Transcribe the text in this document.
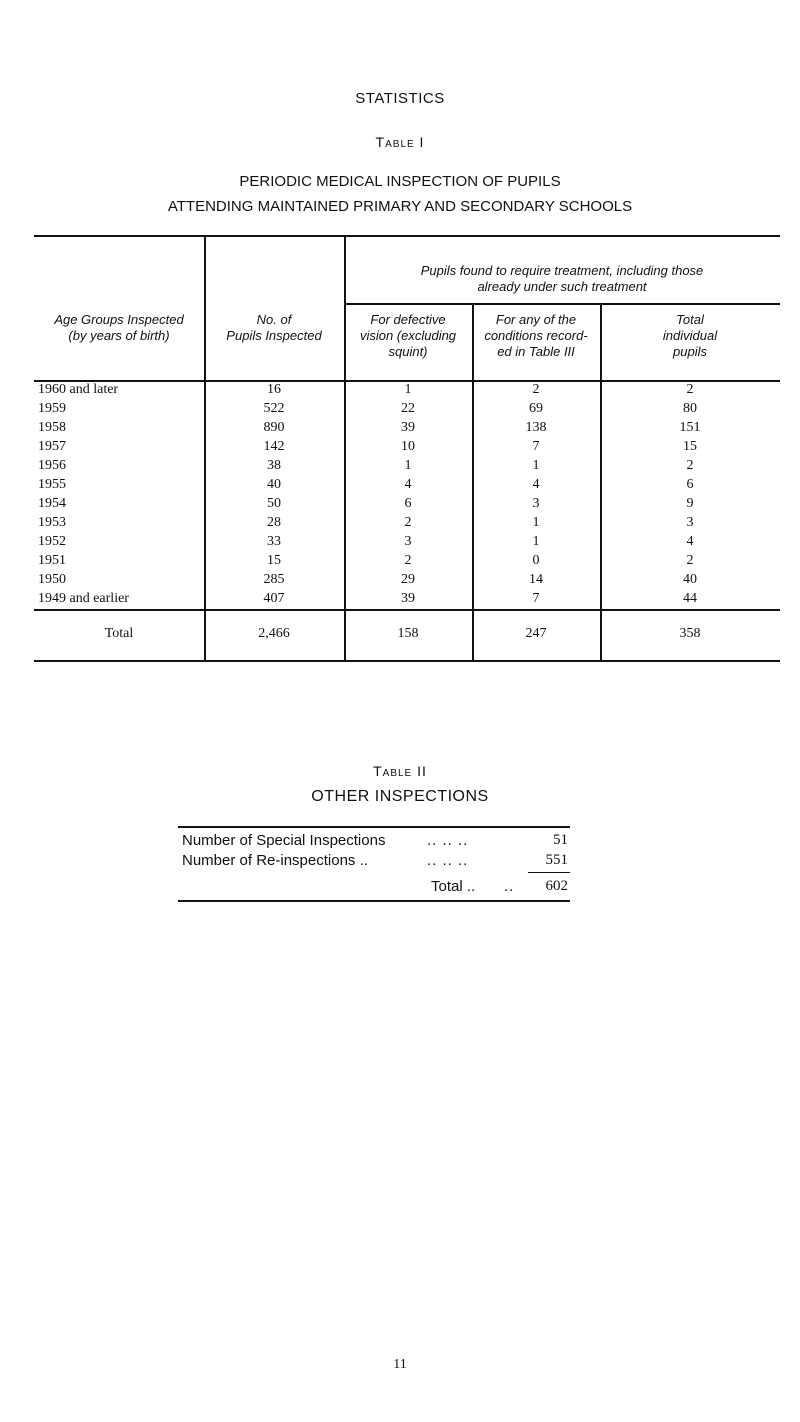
STATISTICS
Table I
PERIODIC MEDICAL INSPECTION OF PUPILS
ATTENDING MAINTAINED PRIMARY AND SECONDARY SCHOOLS
Age Groups Inspected
(by years of birth)
No. of
Pupils Inspected
Pupils found to require treatment, including those
already under such treatment
For defective
vision (excluding
squint)
For any of the
conditions record-
ed in Table III
Total
individual
pupils
1960 and later	16	1	2	2
1959	522	22	69	80
1958	890	39	138	151
1957	142	10	7	15
1956	38	1	1	2
1955	40	4	4	6
1954	50	6	3	9
1953	28	2	1	3
1952	33	3	1	4
1951	15	2	0	2
1950	285	29	14	40
1949 and earlier	407	39	7	44
Total	2,466	158	247	358
Table II
OTHER INSPECTIONS
Number of Special Inspections	.. .. ..	51
Number of Re-inspections ..	.. .. ..	551
Total .. .. 602
11
